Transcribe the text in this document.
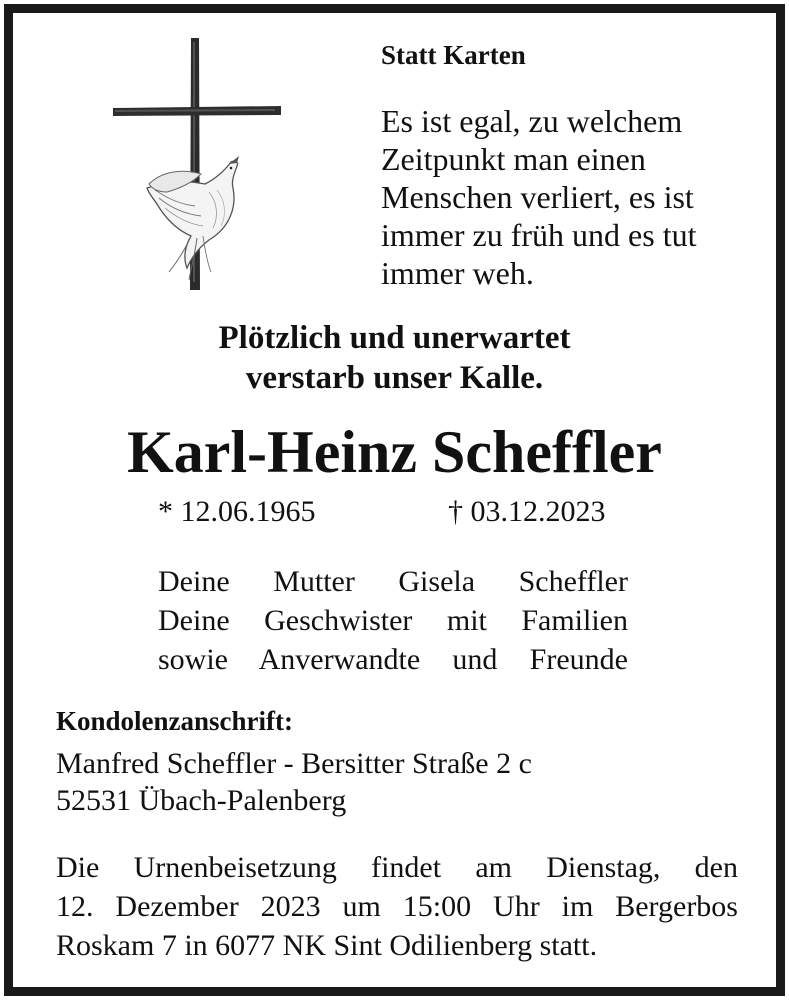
Statt Karten
Es ist egal, zu welchem
Zeitpunkt man einen
Menschen verliert, es ist
immer zu früh und es tut
immer weh.
Plötzlich und unerwartet
verstarb unser Kalle.
Karl-Heinz Scheffler
* 12.06.1965	† 03.12.2023
Deine Mutter Gisela Scheffler
Deine Geschwister mit Familien
sowie Anverwandte und Freunde
Kondolenzanschrift:
Manfred Scheffler - Bersitter Straße 2 c
52531 Übach-Palenberg
Die Urnenbeisetzung findet am Dienstag, den
12. Dezember 2023 um 15:00 Uhr im Bergerbos
Roskam 7 in 6077 NK Sint Odilienberg statt.
